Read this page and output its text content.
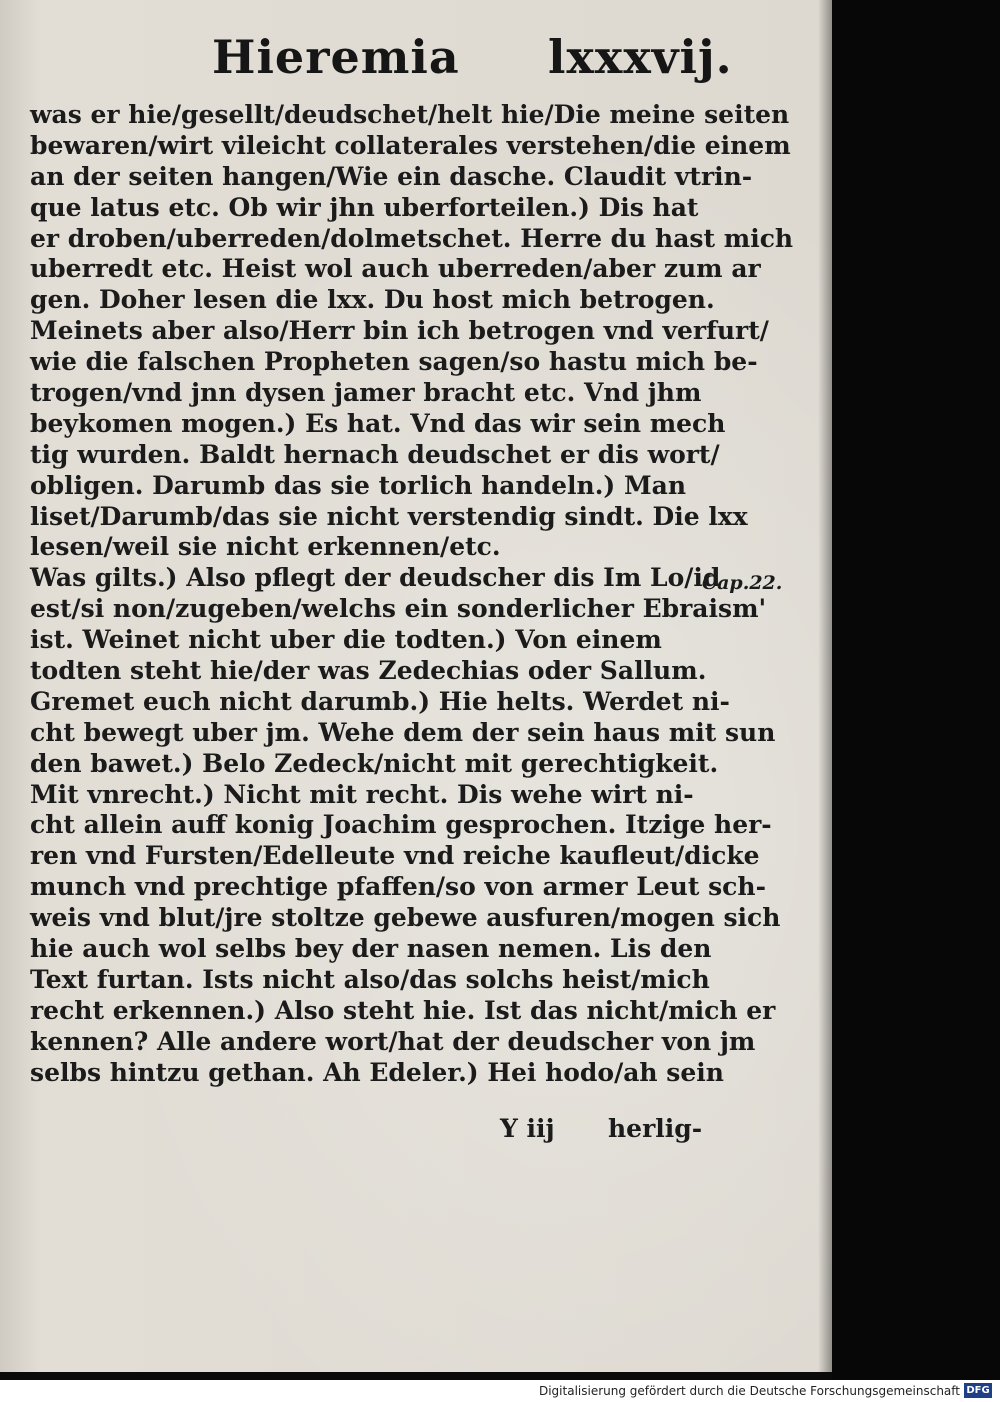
Hieremia lxxxvij.
was er hie/gesellt/deudschet/helt hie/Die meine seiten
bewaren/wirt vileicht collaterales verstehen/die einem
an der seiten hangen/Wie ein dasche. Claudit vtrin-
que latus etc. Ob wir jhn uberforteilen.) Dis hat
er droben/uberreden/dolmetschet. Herre du hast mich
uberredt etc. Heist wol auch uberreden/aber zum ar
gen. Doher lesen die lxx. Du host mich betrogen.
Meinets aber also/Herr bin ich betrogen vnd verfurt/
wie die falschen Propheten sagen/so hastu mich be-
trogen/vnd jnn dysen jamer bracht etc. Vnd jhm
beykomen mogen.) Es hat. Vnd das wir sein mech
tig wurden. Baldt hernach deudschet er dis wort/
obligen. Darumb das sie torlich handeln.) Man
liset/Darumb/das sie nicht verstendig sindt. Die lxx
lesen/weil sie nicht erkennen/etc.
Was gilts.) Also pflegt der deudscher dis Im Lo/id
est/si non/zugeben/welchs ein sonderlicher Ebraism'
ist. Weinet nicht uber die todten.) Von einem
todten steht hie/der was Zedechias oder Sallum.
Gremet euch nicht darumb.) Hie helts. Werdet ni-
cht bewegt uber jm. Wehe dem der sein haus mit sun
den bawet.) Belo Zedeck/nicht mit gerechtigkeit.
Mit vnrecht.) Nicht mit recht. Dis wehe wirt ni-
cht allein auff konig Joachim gesprochen. Itzige her-
ren vnd Fursten/Edelleute vnd reiche kaufleut/dicke
munch vnd prechtige pfaffen/so von armer Leut sch-
weis vnd blut/jre stoltze gebewe ausfuren/mogen sich
hie auch wol selbs bey der nasen nemen. Lis den
Text furtan. Ists nicht also/das solchs heist/mich
recht erkennen.) Also steht hie. Ist das nicht/mich er
kennen? Alle andere wort/hat der deudscher von jm
selbs hintzu gethan. Ah Edeler.) Hei hodo/ah sein
Cap.22.
Y iij herlig-
Digitalisierung gefördert durch die Deutsche Forschungsgemeinschaft DFG
